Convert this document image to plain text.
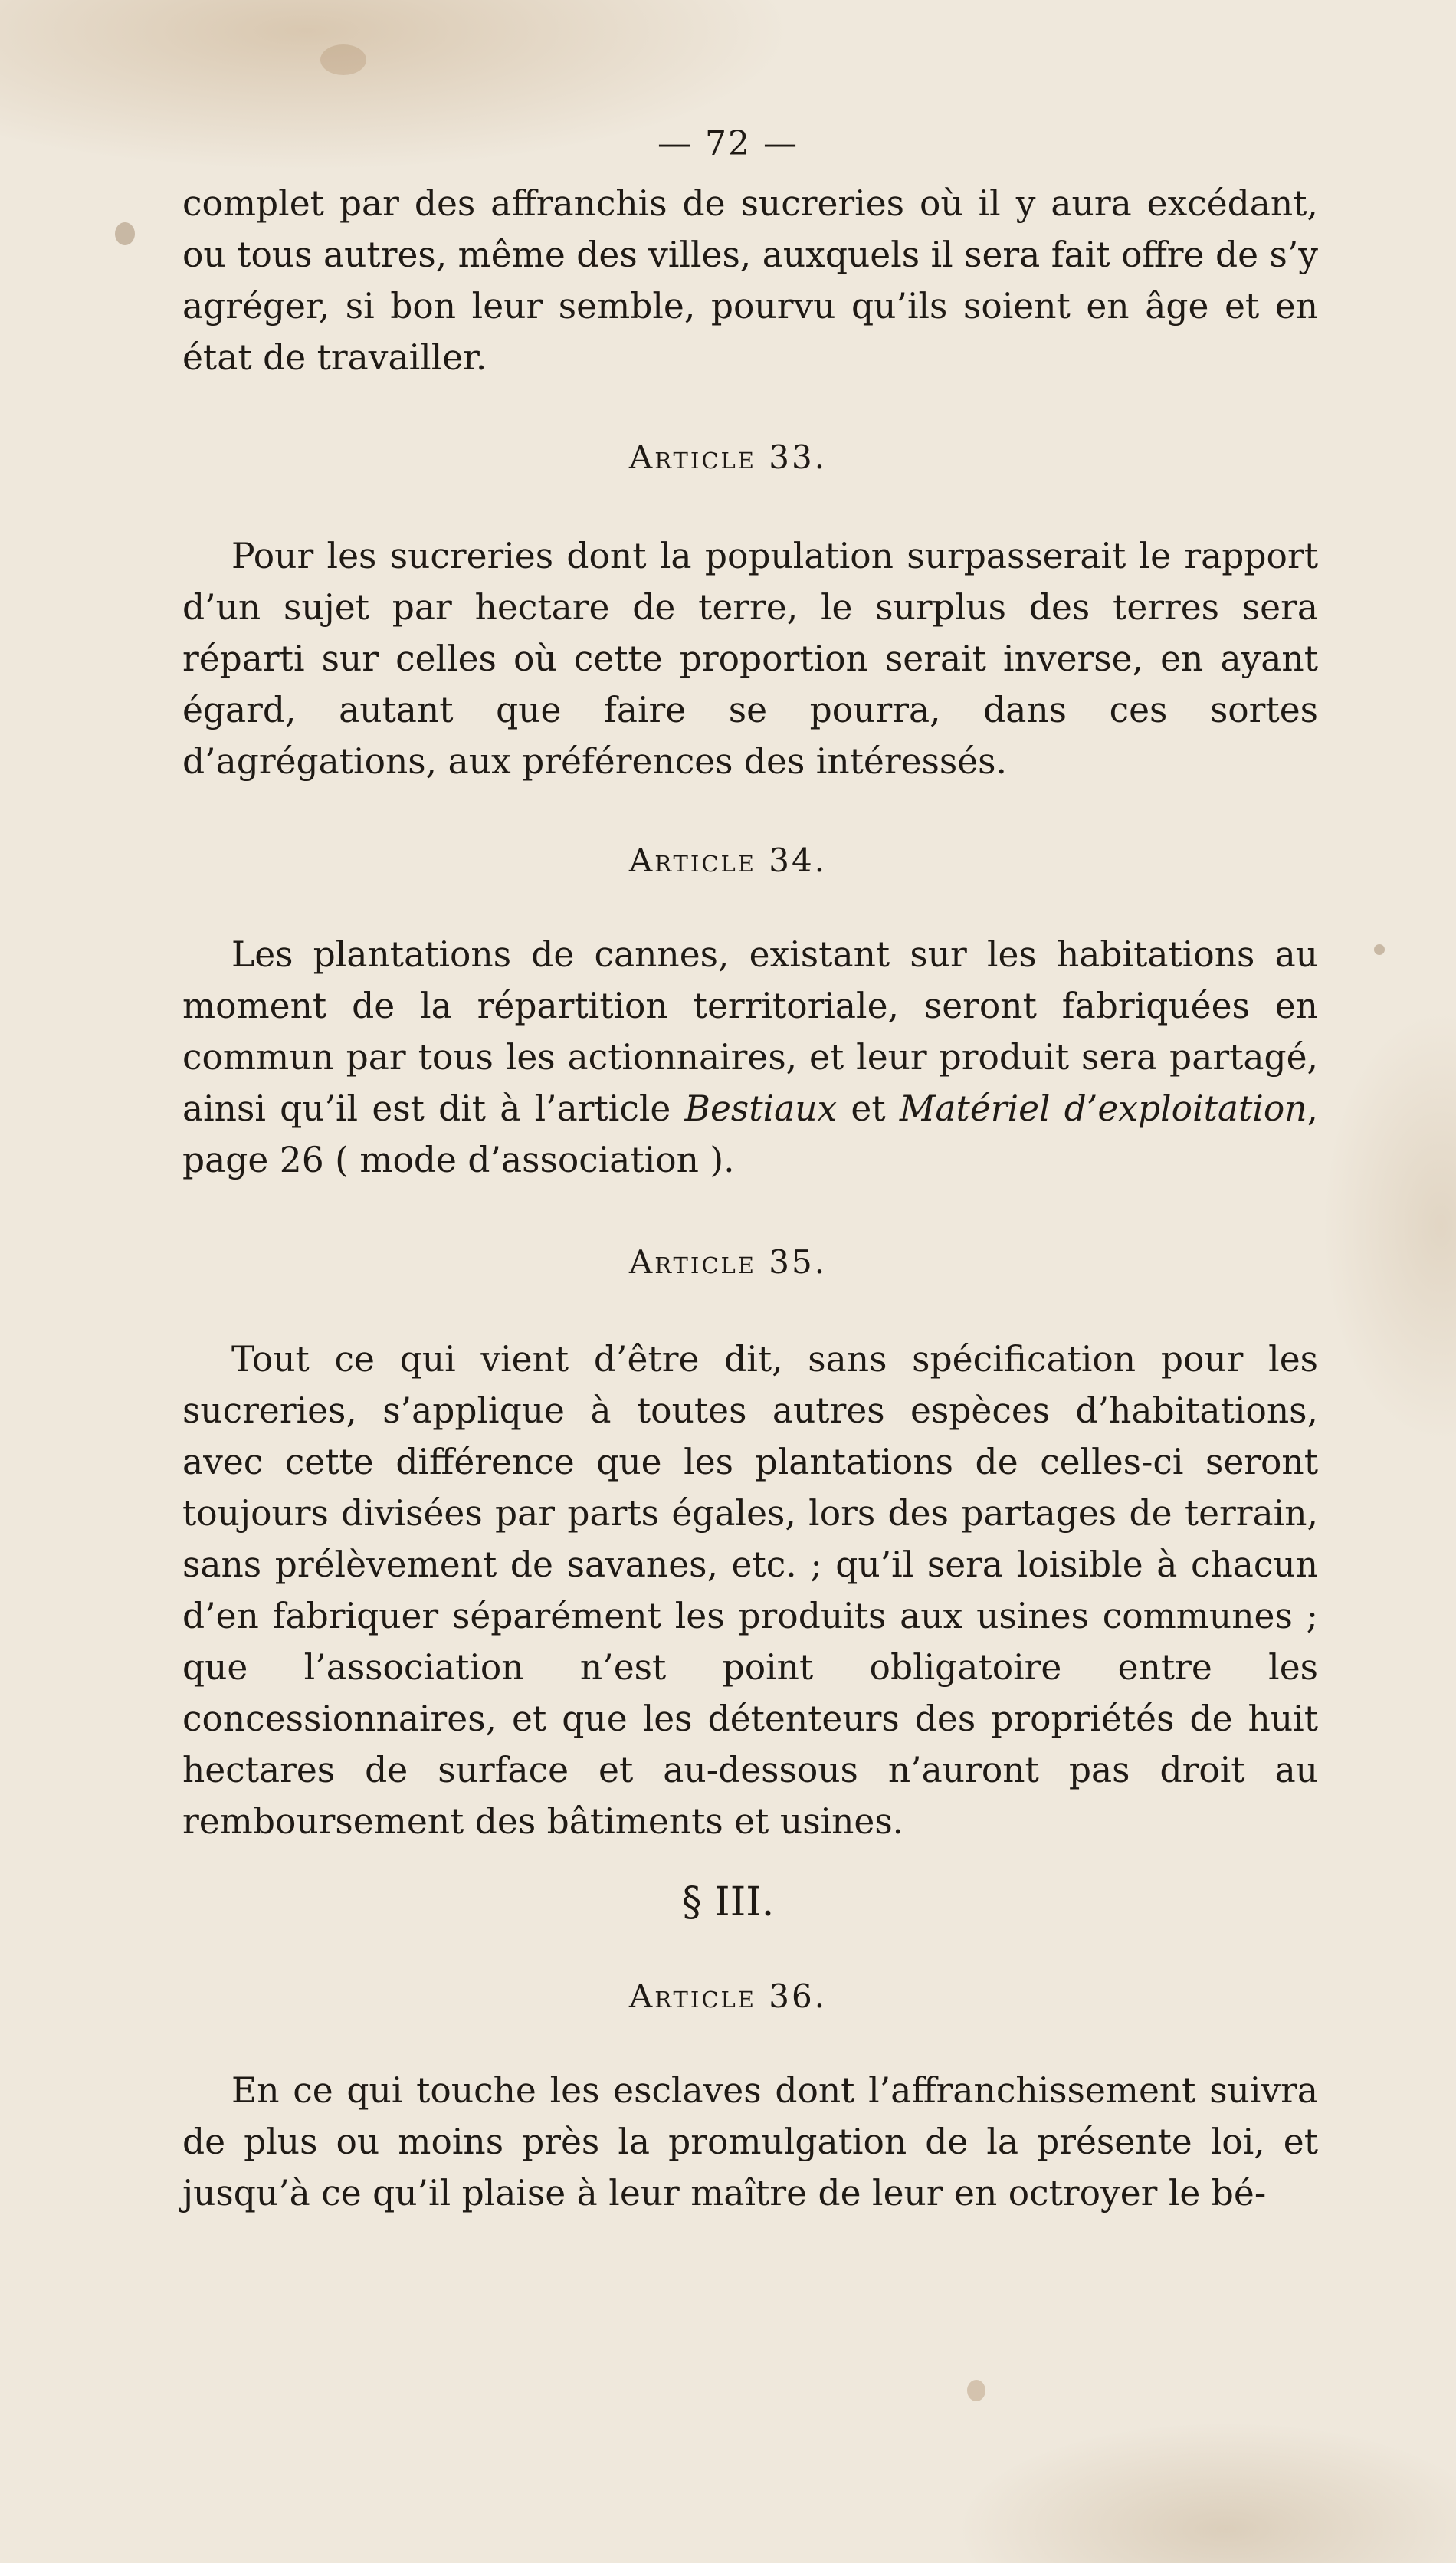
— 72 —

complet par des affranchis de sucreries où il y aura excédant, ou tous autres, même des villes, auxquels il sera fait offre de s’y agréger, si bon leur semble, pourvu qu’ils soient en âge et en état de travailler.

Article 33.

Pour les sucreries dont la population surpasserait le rapport d’un sujet par hectare de terre, le surplus des terres sera réparti sur celles où cette proportion serait inverse, en ayant égard, autant que faire se pourra, dans ces sortes d’agrégations, aux préférences des intéressés.

Article 34.

Les plantations de cannes, existant sur les habitations au moment de la répartition territoriale, seront fabriquées en commun par tous les actionnaires, et leur produit sera partagé, ainsi qu’il est dit à l’article Bestiaux et Matériel d’exploitation, page 26 ( mode d’association ).

Article 35.

Tout ce qui vient d’être dit, sans spécification pour les sucreries, s’applique à toutes autres espèces d’habitations, avec cette différence que les plantations de celles-ci seront toujours divisées par parts égales, lors des partages de terrain, sans prélèvement de savanes, etc. ; qu’il sera loisible à chacun d’en fabriquer séparément les produits aux usines communes ; que l’association n’est point obligatoire entre les concessionnaires, et que les détenteurs des propriétés de huit hectares de surface et au-dessous n’auront pas droit au remboursement des bâtiments et usines.

§ III.
Article 36.

En ce qui touche les esclaves dont l’affranchissement suivra de plus ou moins près la promulgation de la présente loi, et jusqu’à ce qu’il plaise à leur maître de leur en octroyer le bé-
